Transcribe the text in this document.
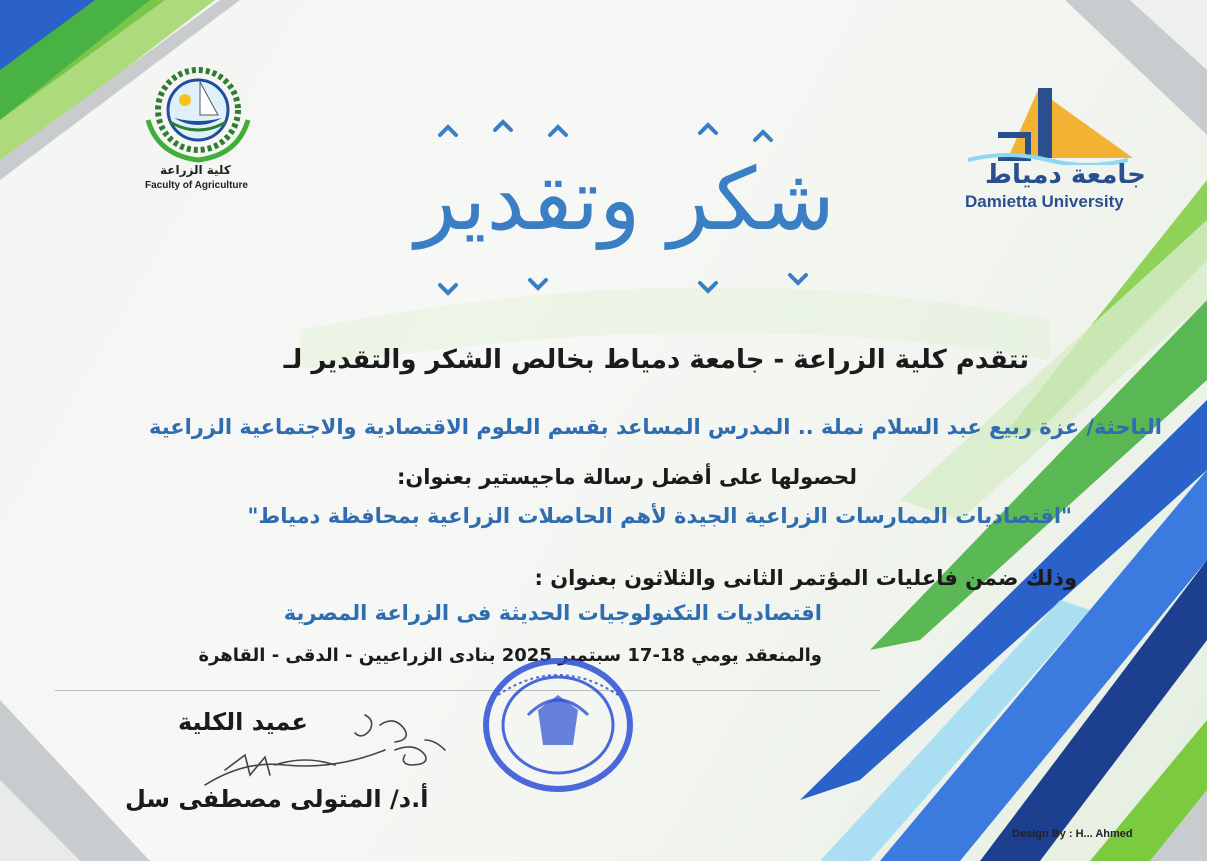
كلية الزراعة
Faculty of Agriculture	جامعة دمياط
Damietta University
شكر وتقدير
تتقدم كلية الزراعة - جامعة دمياط بخالص الشكر والتقدير لـ
الباحثة/ عزة ربيع عبد السلام نملة .. المدرس المساعد بقسم العلوم الاقتصادية والاجتماعية الزراعية
لحصولها على أفضل رسالة ماجيستير بعنوان:
"اقتصاديات الممارسات الزراعية الجيدة لأهم الحاصلات الزراعية بمحافظة دمياط"
وذلك ضمن فاعليات المؤتمر الثانى والثلاثون بعنوان :
اقتصاديات التكنولوجيات الحديثة فى الزراعة المصرية
والمنعقد يومي 18-17 سبتمبر 2025 بنادى الزراعيين - الدقى - القاهرة
عميد الكلية
أ.د/ المتولى مصطفى سل
Design By : H... Ahmed
